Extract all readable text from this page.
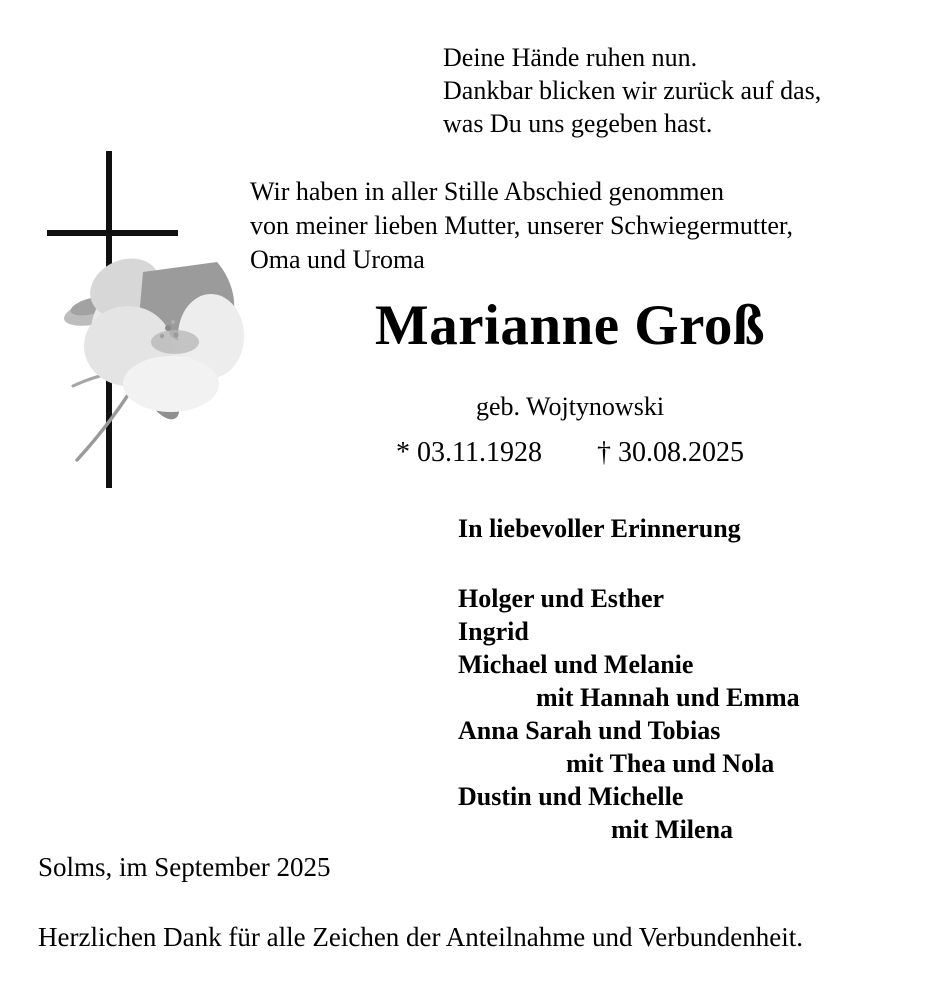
Deine Hände ruhen nun.
Dankbar blicken wir zurück auf das,
was Du uns gegeben hast.
Wir haben in aller Stille Abschied genommen
von meiner lieben Mutter, unserer Schwiegermutter,
Oma und Uroma
Marianne Groß
geb. Wojtynowski
* 03.11.1928 † 30.08.2025
In liebevoller Erinnerung
Holger und Esther
Ingrid
Michael und Melanie
mit Hannah und Emma
Anna Sarah und Tobias
mit Thea und Nola
Dustin und Michelle
mit Milena
Solms, im September 2025
Herzlichen Dank für alle Zeichen der Anteilnahme und Verbundenheit.
